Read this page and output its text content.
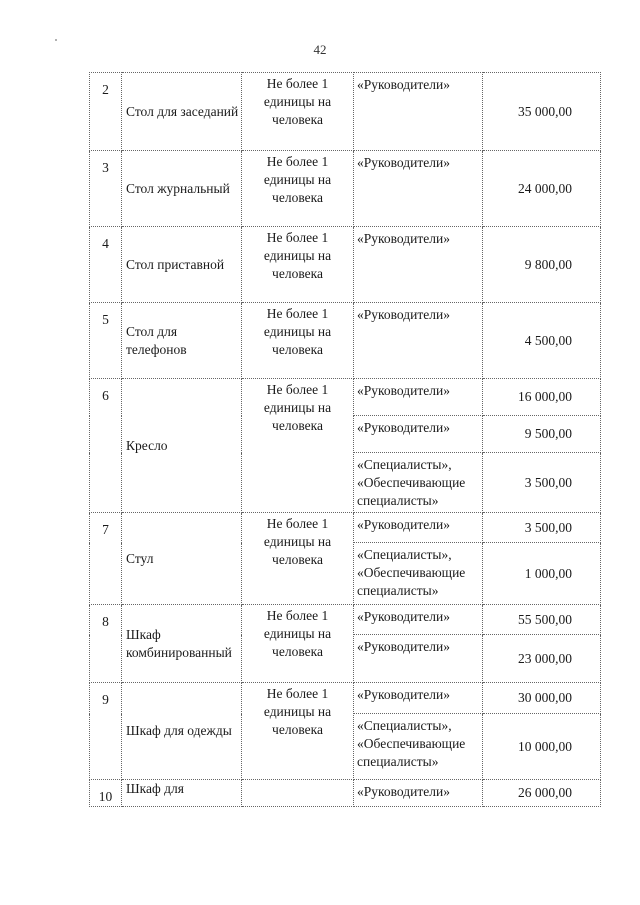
42
2	Стол для заседаний	Не более 1 единицы на человека	«Руководители»	35 000,00
3	Стол журнальный	Не более 1 единицы на человека	«Руководители»	24 000,00
4	Стол приставной	Не более 1 единицы на человека	«Руководители»	9 800,00
5	Стол для телефонов	Не более 1 единицы на человека	«Руководители»	4 500,00
6	Кресло	Не более 1 единицы на человека	«Руководители»	16 000,00
			«Руководители»	9 500,00
			«Специалисты», «Обеспечивающие специалисты»	3 500,00
7	Стул	Не более 1 единицы на человека	«Руководители»	3 500,00
			«Специалисты», «Обеспечивающие специалисты»	1 000,00
8	Шкаф комбинированный	Не более 1 единицы на человека	«Руководители»	55 500,00
			«Руководители»	23 000,00
9	Шкаф для одежды	Не более 1 единицы на человека	«Руководители»	30 000,00
			«Специалисты», «Обеспечивающие специалисты»	10 000,00
10	Шкаф для		«Руководители»	26 000,00
